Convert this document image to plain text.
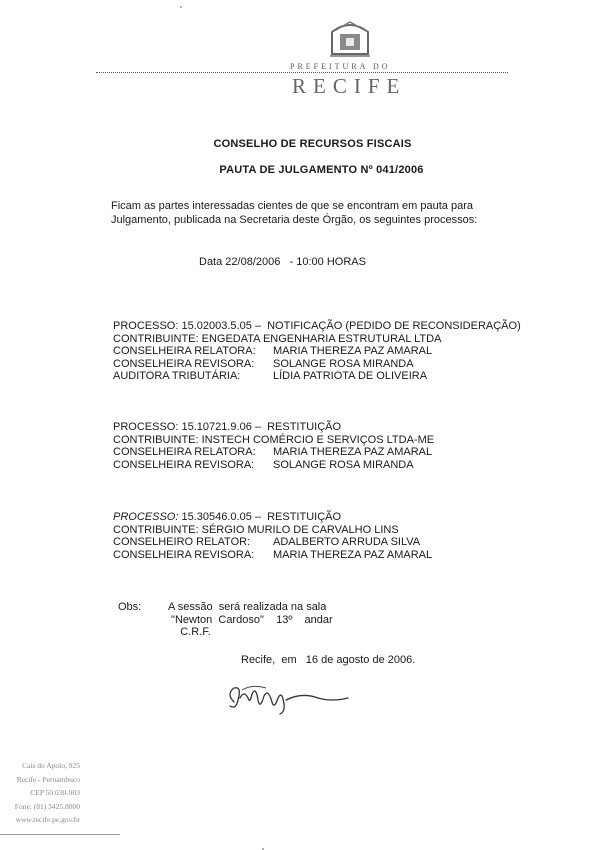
PREFEITURA DO
RECIFE
CONSELHO DE RECURSOS FISCAIS
PAUTA DE JULGAMENTO Nº 041/2006
Ficam as partes interessadas cientes de que se encontram em pauta para Julgamento, publicada na Secretaria deste Órgão, os seguintes processos:
Data 22/08/2006   - 10:00 HORAS
PROCESSO: 15.02003.5.05 –  NOTIFICAÇÃO (PEDIDO DE RECONSIDERAÇÃO)
CONTRIBUINTE: ENGEDATA ENGENHARIA ESTRUTURAL LTDA
CONSELHEIRA RELATORA:	MARIA THEREZA PAZ AMARAL
CONSELHEIRA REVISORA:	SOLANGE ROSA MIRANDA
AUDITORA TRIBUTÁRIA:	LÍDIA PATRIOTA DE OLIVEIRA
PROCESSO: 15.10721.9.06 –  RESTITUIÇÃO
CONTRIBUINTE: INSTECH COMÉRCIO E SERVIÇOS LTDA-ME
CONSELHEIRA RELATORA:	MARIA THEREZA PAZ AMARAL
CONSELHEIRA REVISORA:	SOLANGE ROSA MIRANDA
PROCESSO: 15.30546.0.05 –  RESTITUIÇÃO
CONTRIBUINTE: SÉRGIO MURILO DE CARVALHO LINS
CONSELHEIRO RELATOR:	ADALBERTO ARRUDA SILVA
CONSELHEIRA REVISORA:	MARIA THEREZA PAZ AMARAL
Obs: A sessão  será realizada na sala
"Newton  Cardoso"    13º    andar
C.R.F.
Recife,  em   16 de agosto de 2006.
Cais do Apolo, 925
Recife - Pernambuco
CEP 50.030-903
Fone: (81) 3425.8000
www.recife.pe.gov.br
